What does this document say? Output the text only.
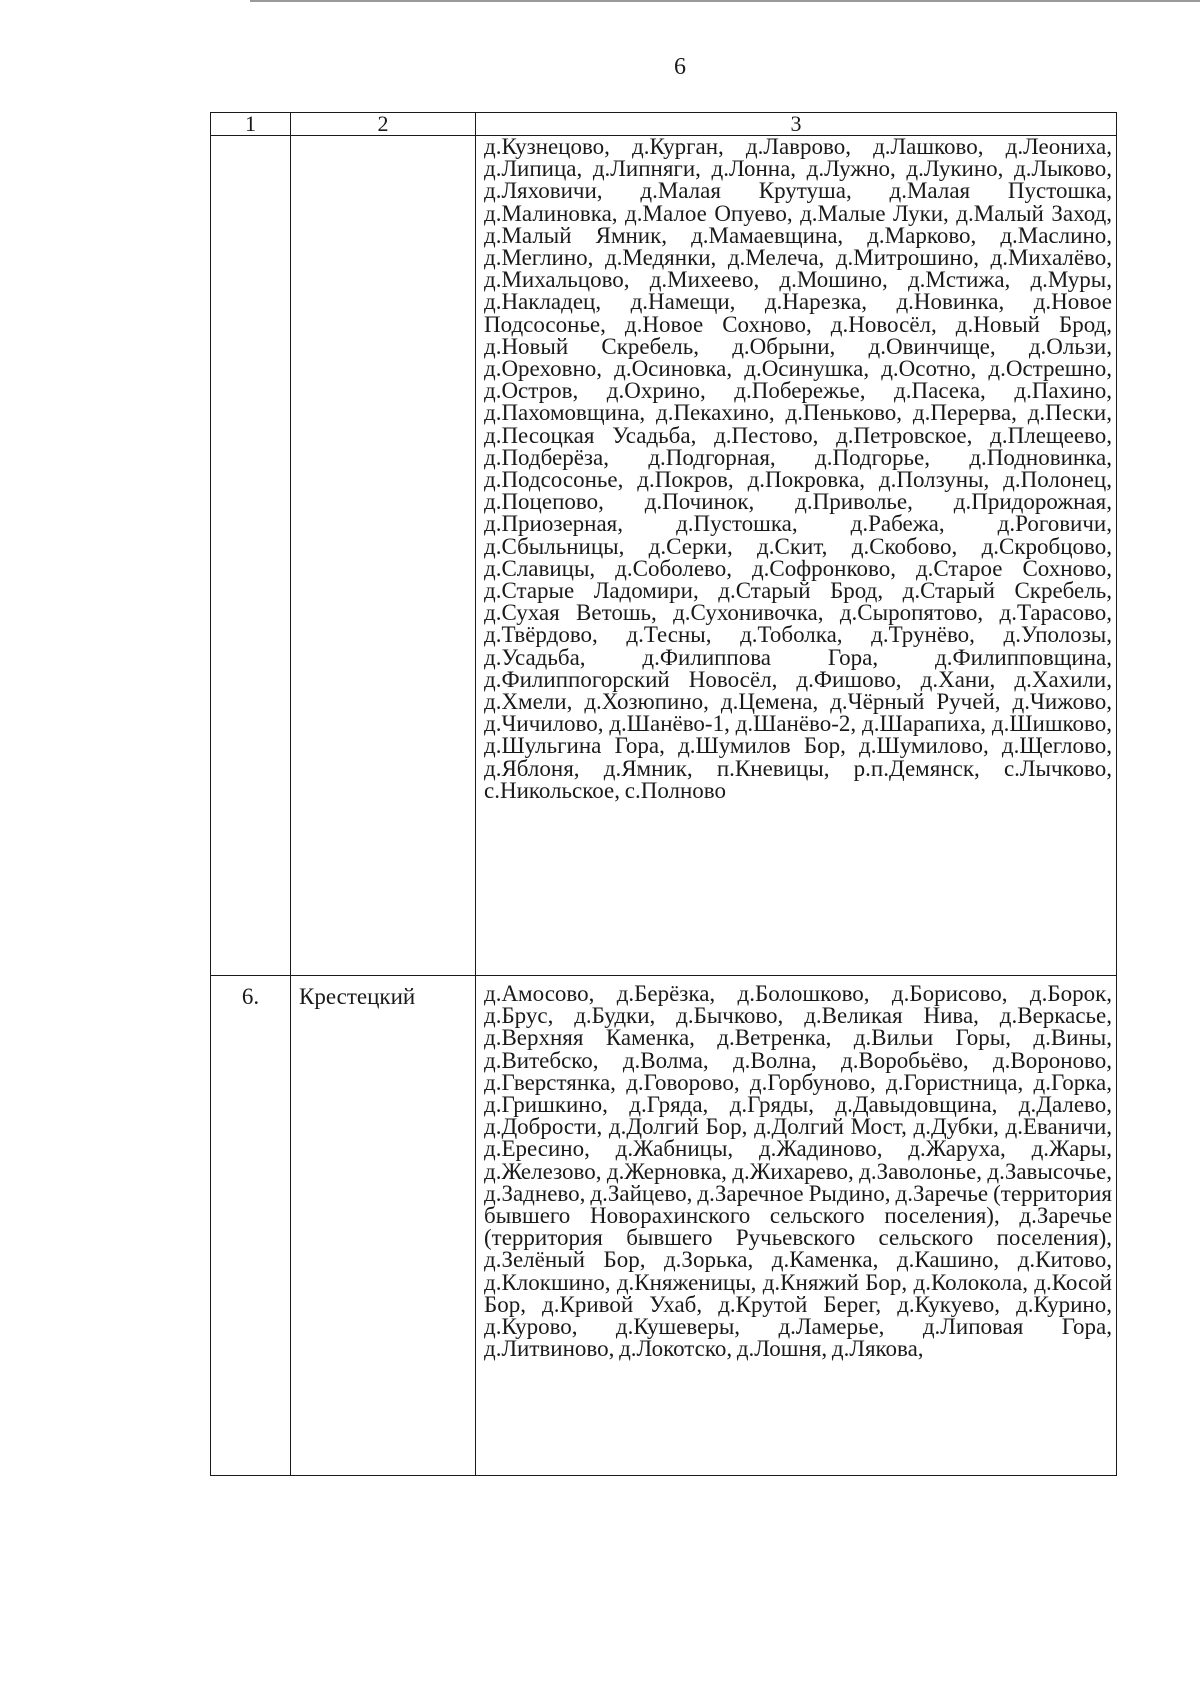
6
1	2	3
		д.Кузнецово, д.Курган, д.Лаврово, д.Лашково, д.Леониха, д.Липица, д.Липняги, д.Лонна, д.Лужно, д.Лукино, д.Лыково, д.Ляховичи, д.Малая Крутуша, д.Малая Пустошка, д.Малиновка, д.Малое Опуево, д.Малые Луки, д.Малый Заход, д.Малый Ямник, д.Мамаевщина, д.Марково, д.Маслино, д.Меглино, д.Медянки, д.Мелеча, д.Митрошино, д.Михалёво, д.Михальцово, д.Михеево, д.Мошино, д.Мстижа, д.Муры, д.Накладец, д.Намещи, д.Нарезка, д.Новинка, д.Новое Подсосонье, д.Новое Сохново, д.Новосёл, д.Новый Брод, д.Новый Скребель, д.Обрыни, д.Овинчище, д.Ользи, д.Ореховно, д.Осиновка, д.Осинушка, д.Осотно, д.Острешно, д.Остров, д.Охрино, д.Побережье, д.Пасека, д.Пахино, д.Пахомовщина, д.Пекахино, д.Пеньково, д.Перерва, д.Пески, д.Песоцкая Усадьба, д.Пестово, д.Петровское, д.Плещеево, д.Подберёза, д.Подгорная, д.Подгорье, д.Подновинка, д.Подсосонье, д.Покров, д.Покровка, д.Ползуны, д.Полонец, д.Поцепово, д.Починок, д.Приволье, д.Придорожная, д.Приозерная, д.Пустошка, д.Рабежа, д.Роговичи, д.Сбыльницы, д.Серки, д.Скит, д.Скобово, д.Скробцово, д.Славицы, д.Соболево, д.Софронково, д.Старое Сохново, д.Старые Ладомири, д.Старый Брод, д.Старый Скребель, д.Сухая Ветошь, д.Сухонивочка, д.Сыропятово, д.Тарасово, д.Твёрдово, д.Тесны, д.Тоболка, д.Трунёво, д.Уполозы, д.Усадьба, д.Филиппова Гора, д.Филипповщина, д.Филиппогорский Новосёл, д.Фишово, д.Хани, д.Хахили, д.Хмели, д.Хозюпино, д.Цемена, д.Чёрный Ручей, д.Чижово, д.Чичилово, д.Шанёво-1, д.Шанёво-2, д.Шарапиха, д.Шишково, д.Шульгина Гора, д.Шумилов Бор, д.Шумилово, д.Щеглово, д.Яблоня, д.Ямник, п.Кневицы, р.п.Демянск, с.Лычково, с.Никольское, с.Полново
6.	Крестецкий	д.Амосово, д.Берёзка, д.Болошково, д.Борисово, д.Борок, д.Брус, д.Будки, д.Бычково, д.Великая Нива, д.Веркасье, д.Верхняя Каменка, д.Ветренка, д.Вильи Горы, д.Вины, д.Витебско, д.Волма, д.Волна, д.Воробьёво, д.Вороново, д.Гверстянка, д.Говорово, д.Горбуново, д.Гористница, д.Горка, д.Гришкино, д.Гряда, д.Гряды, д.Давыдовщина, д.Далево, д.Добрости, д.Долгий Бор, д.Долгий Мост, д.Дубки, д.Еваничи, д.Ересино, д.Жабницы, д.Жадиново, д.Жаруха, д.Жары, д.Железово, д.Жерновка, д.Жихарево, д.Заволонье, д.Завысочье, д.Заднево, д.Зайцево, д.Заречное Рыдино, д.Заречье (территория бывшего Новорахинского сельского поселения), д.Заречье (территория бывшего Ручьевского сельского поселения), д.Зелёный Бор, д.Зорька, д.Каменка, д.Кашино, д.Китово, д.Клокшино, д.Княженицы, д.Княжий Бор, д.Колокола, д.Косой Бор, д.Кривой Ухаб, д.Крутой Берег, д.Кукуево, д.Курино, д.Курово, д.Кушеверы, д.Ламерье, д.Липовая Гора, д.Литвиново, д.Локотско, д.Лошня, д.Лякова,
